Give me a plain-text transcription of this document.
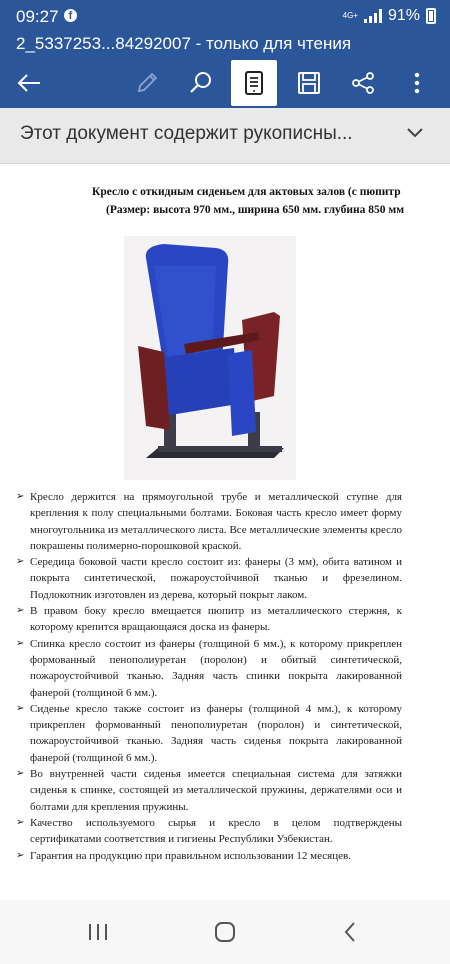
09:27 f	4G+ 91%
2_5337253...84292007 - только для чтения
Этот документ содержит рукописны...
Кресло с откидным сиденьем для актовых залов (с пюпитр
(Размер: высота 970 мм., ширина 650 мм. глубина 850 мм

➢ Кресло держится на прямоугольной трубе и металлической ступне для крепления к полу специальными болтами. Боковая часть кресло имеет форму многоугольника из металлического листа. Все металлические элементы кресло покрашены полимерно-порошковой краской.

➢ Середица боковой части кресло состоит из: фанеры (3 мм), обита ватином и покрыта синтетической, пожароустойчивой тканью и фрезелином. Подлокотник изготовлен из дерева, который покрыт лаком.

➢ В правом боку кресло вмещается пюпитр из металлического стержня, к которому крепится вращающаяся доска из фанеры.

➢ Спинка кресло состоит из фанеры (толщиной 6 мм.), к которому прикреплен формованный пенополиуретан (поролон) и обитый синтетической, пожароустойчивой тканью. Задняя часть спинки покрыта лакированной фанерой (толщиной 6 мм.).

➢ Сиденье кресло также состоит из фанеры (толщиной 4 мм.), к которому прикреплен формованный пенополиуретан (поролон) и синтетической, пожароустойчивой тканью. Задняя часть сиденья покрыта лакированной фанерой (толщиной 6 мм.).

➢ Во внутренней части сиденья имеется специальная система для затяжки сиденья к спинке, состоящей из металлической пружины, держателями оси и болтами для крепления пружины.

➢ Качество используемого сырья и кресло в целом подтверждены сертификатами соответствия и гигиены Республики Узбекистан.

➢ Гарантия на продукцию при правильном использовании 12 месяцев.
